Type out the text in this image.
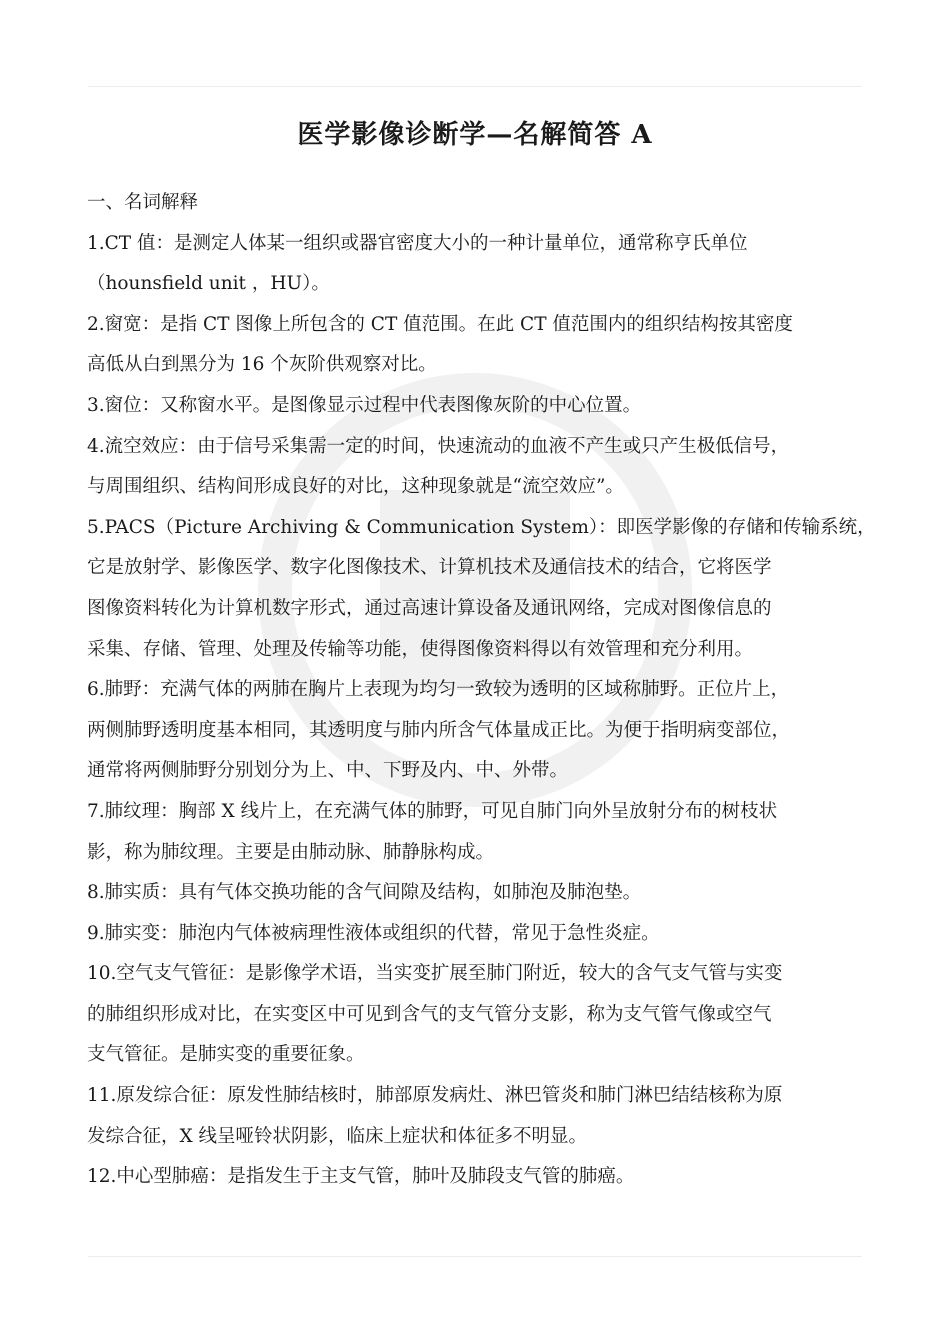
医学影像诊断学—名解简答 A

一、名词解释

1.CT 值：是测定人体某一组织或器官密度大小的一种计量单位，通常称亨氏单位

（hounsfield unit ，HU）。

2.窗宽：是指 CT 图像上所包含的 CT 值范围。在此 CT 值范围内的组织结构按其密度

高低从白到黑分为 16 个灰阶供观察对比。

3.窗位：又称窗水平。是图像显示过程中代表图像灰阶的中心位置。

4.流空效应：由于信号采集需一定的时间，快速流动的血液不产生或只产生极低信号，

与周围组织、结构间形成良好的对比，这种现象就是“流空效应”。

5.PACS（Picture Archiving & Communication System）：即医学影像的存储和传输系统，

它是放射学、影像医学、数字化图像技术、计算机技术及通信技术的结合，它将医学

图像资料转化为计算机数字形式，通过高速计算设备及通讯网络，完成对图像信息的

采集、存储、管理、处理及传输等功能，使得图像资料得以有效管理和充分利用。

6.肺野：充满气体的两肺在胸片上表现为均匀一致较为透明的区域称肺野。正位片上，

两侧肺野透明度基本相同，其透明度与肺内所含气体量成正比。为便于指明病变部位，

通常将两侧肺野分别划分为上、中、下野及内、中、外带。

7.肺纹理：胸部 X 线片上，在充满气体的肺野，可见自肺门向外呈放射分布的树枝状

影，称为肺纹理。主要是由肺动脉、肺静脉构成。

8.肺实质：具有气体交换功能的含气间隙及结构，如肺泡及肺泡垫。

9.肺实变：肺泡内气体被病理性液体或组织的代替，常见于急性炎症。

10.空气支气管征：是影像学术语，当实变扩展至肺门附近，较大的含气支气管与实变

的肺组织形成对比，在实变区中可见到含气的支气管分支影，称为支气管气像或空气

支气管征。是肺实变的重要征象。

11.原发综合征：原发性肺结核时，肺部原发病灶、淋巴管炎和肺门淋巴结结核称为原

发综合征，X 线呈哑铃状阴影，临床上症状和体征多不明显。

12.中心型肺癌：是指发生于主支气管，肺叶及肺段支气管的肺癌。
